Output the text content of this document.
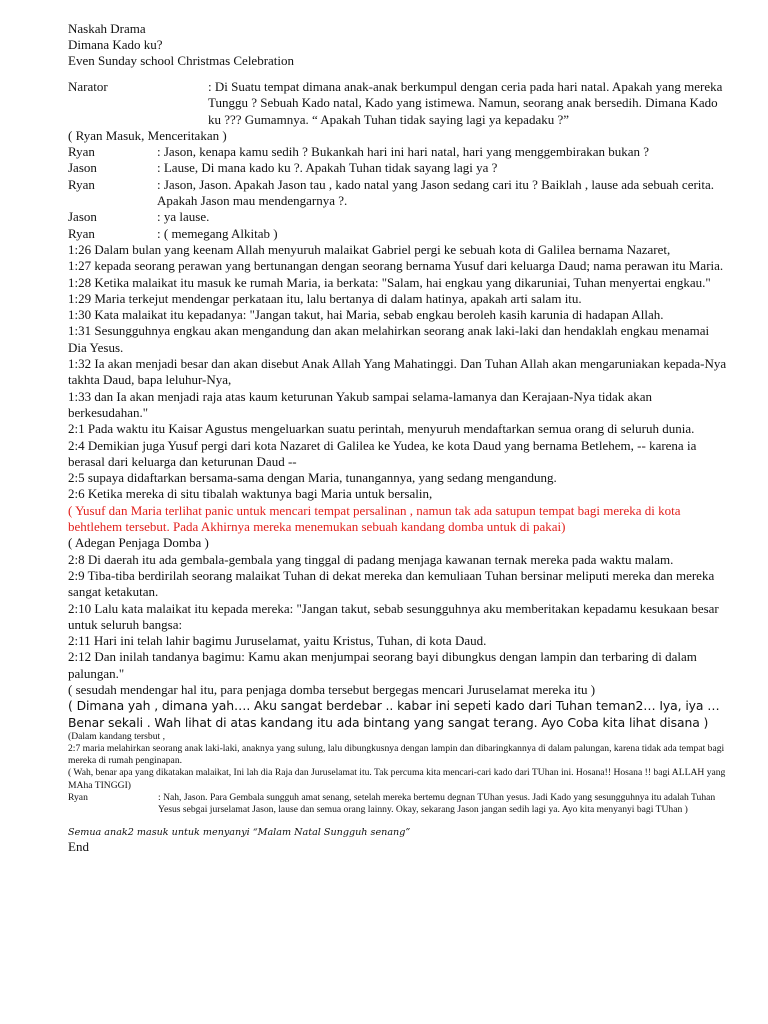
Naskah Drama

Dimana Kado ku?

Even Sunday school Christmas Celebration

Narator	: Di Suatu tempat dimana anak-anak berkumpul dengan ceria pada hari natal. Apakah yang mereka Tunggu ? Sebuah Kado natal, Kado yang istimewa. Namun, seorang anak bersedih. Dimana Kado ku ??? Gumamnya. “ Apakah Tuhan tidak saying lagi ya kepadaku ?”

( Ryan Masuk, Menceritakan )

Ryan	: Jason, kenapa kamu sedih ? Bukankah hari ini hari natal, hari yang menggembirakan bukan ?
Jason	: Lause, Di mana kado ku ?. Apakah Tuhan tidak sayang lagi ya ?
Ryan	: Jason, Jason. Apakah Jason tau , kado natal yang Jason sedang cari itu ? Baiklah , lause ada sebuah cerita. Apakah Jason mau mendengarnya ?.
Jason	: ya lause.
Ryan	: ( memegang Alkitab )

1:26 Dalam bulan yang keenam Allah menyuruh malaikat Gabriel pergi ke sebuah kota di Galilea bernama Nazaret,

1:27 kepada seorang perawan yang bertunangan dengan seorang bernama Yusuf dari keluarga Daud; nama perawan itu Maria.

1:28 Ketika malaikat itu masuk ke rumah Maria, ia berkata: "Salam, hai engkau yang dikaruniai, Tuhan menyertai engkau."

1:29 Maria terkejut mendengar perkataan itu, lalu bertanya di dalam hatinya, apakah arti salam itu.

1:30 Kata malaikat itu kepadanya: "Jangan takut, hai Maria, sebab engkau beroleh kasih karunia di hadapan Allah.

1:31 Sesungguhnya engkau akan mengandung dan akan melahirkan seorang anak laki-laki dan hendaklah engkau menamai Dia Yesus.

1:32 Ia akan menjadi besar dan akan disebut Anak Allah Yang Mahatinggi. Dan Tuhan Allah akan mengaruniakan kepada-Nya takhta Daud, bapa leluhur-Nya,

1:33 dan Ia akan menjadi raja atas kaum keturunan Yakub sampai selama-lamanya dan Kerajaan-Nya tidak akan berkesudahan."

2:1 Pada waktu itu Kaisar Agustus mengeluarkan suatu perintah, menyuruh mendaftarkan semua orang di seluruh dunia.

2:4 Demikian juga Yusuf pergi dari kota Nazaret di Galilea ke Yudea, ke kota Daud yang bernama Betlehem, -- karena ia berasal dari keluarga dan keturunan Daud --

2:5 supaya didaftarkan bersama-sama dengan Maria, tunangannya, yang sedang mengandung.

2:6 Ketika mereka di situ tibalah waktunya bagi Maria untuk bersalin,

( Yusuf dan Maria terlihat panic untuk mencari tempat persalinan , namun tak ada satupun tempat bagi mereka di kota behtlehem tersebut. Pada Akhirnya mereka menemukan sebuah kandang domba untuk di pakai)

( Adegan Penjaga Domba )

2:8 Di daerah itu ada gembala-gembala yang tinggal di padang menjaga kawanan ternak mereka pada waktu malam.

2:9 Tiba-tiba berdirilah seorang malaikat Tuhan di dekat mereka dan kemuliaan Tuhan bersinar meliputi mereka dan mereka sangat ketakutan.

2:10 Lalu kata malaikat itu kepada mereka: "Jangan takut, sebab sesungguhnya aku memberitakan kepadamu kesukaan besar untuk seluruh bangsa:

2:11 Hari ini telah lahir bagimu Juruselamat, yaitu Kristus, Tuhan, di kota Daud.

2:12 Dan inilah tandanya bagimu: Kamu akan menjumpai seorang bayi dibungkus dengan lampin dan terbaring di dalam palungan."

( sesudah mendengar hal itu, para penjaga domba tersebut bergegas mencari Juruselamat mereka itu )

( Dimana yah , dimana yah…. Aku sangat berdebar .. kabar ini sepeti kado dari Tuhan teman2… Iya, iya … Benar sekali . Wah lihat di atas kandang itu ada bintang yang sangat terang. Ayo Coba kita lihat disana )

(Dalam kandang tersbut ,

2:7 maria melahirkan seorang anak laki-laki, anaknya yang sulung, lalu dibungkusnya dengan lampin dan dibaringkannya di dalam palungan, karena tidak ada tempat bagi mereka di rumah penginapan.

( Wah, benar apa yang dikatakan malaikat, Ini lah dia Raja dan Juruselamat itu. Tak percuma kita mencari-cari kado dari TUhan ini. Hosana!! Hosana !! bagi ALLAH yang MAha TINGGI)

Ryan	: Nah, Jason. Para Gembala sungguh amat senang, setelah mereka bertemu degnan TUhan yesus. Jadi Kado yang sesungguhnya itu adalah Tuhan Yesus sebgai jurselamat Jason, lause dan semua orang lainny. Okay, sekarang Jason jangan sedih lagi ya. Ayo kita menyanyi bagi TUhan )

Semua anak2 masuk untuk menyanyi “Malam Natal Sungguh senang”

End
